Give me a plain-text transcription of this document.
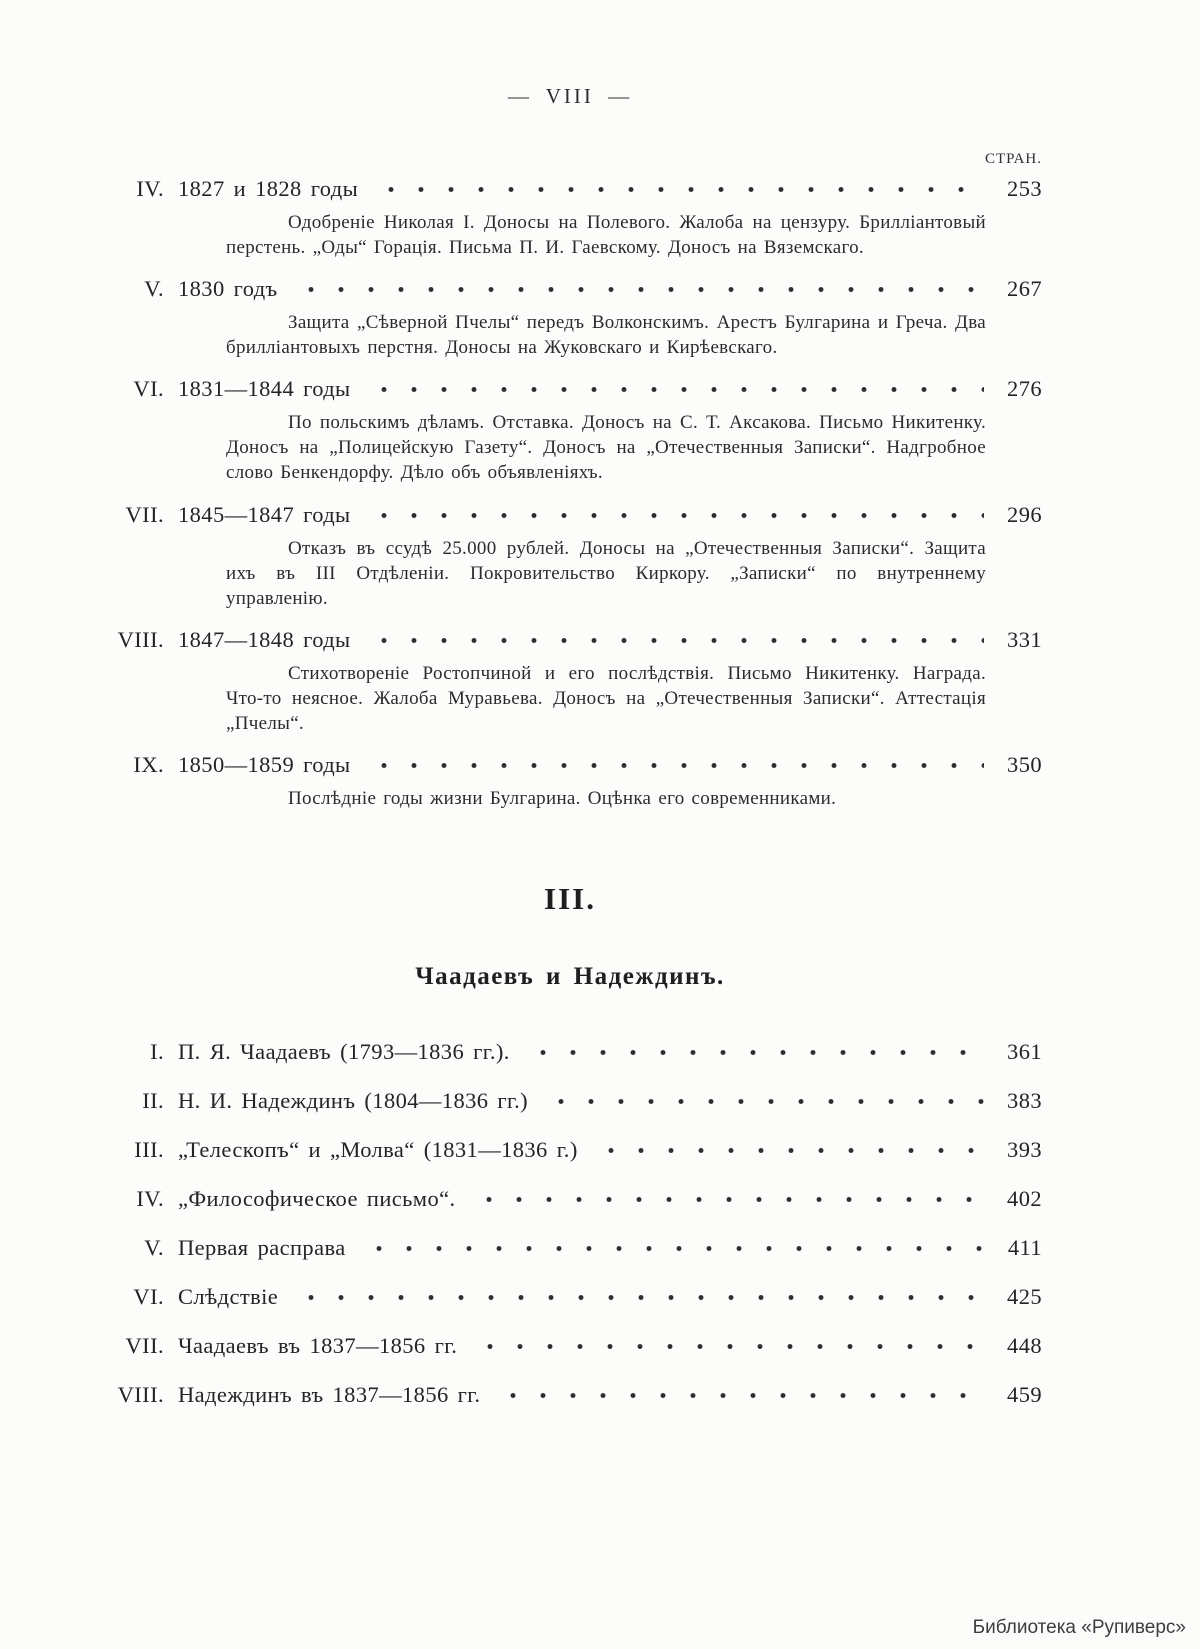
— VIII —
СТРАН.
IV. 1827 и 1828 годы	253

Одобреніе Николая I. Доносы на Полевого. Жалоба на цензуру. Брилліантовый перстень. „Оды“ Горація. Письма П. И. Гаевскому. Доносъ на Вяземскаго.

V. 1830 годъ	267

Защита „Сѣверной Пчелы“ передъ Волконскимъ. Арестъ Булгарина и Греча. Два брилліантовыхъ перстня. Доносы на Жуковскаго и Кирѣевскаго.

VI. 1831—1844 годы	276

По польскимъ дѣламъ. Отставка. Доносъ на С. Т. Аксакова. Письмо Никитенку. Доносъ на „Полицейскую Газету“. Доносъ на „Отечественныя Записки“. Надгробное слово Бенкендорфу. Дѣло объ объявленіяхъ.

VII. 1845—1847 годы	296

Отказъ въ ссудѣ 25.000 рублей. Доносы на „Отечественныя Записки“. Защита ихъ въ III Отдѣленіи. Покровительство Киркору. „Записки“ по внутреннему управленію.

VIII. 1847—1848 годы	331

Стихотвореніе Ростопчиной и его послѣдствія. Письмо Никитенку. Награда. Что-то неясное. Жалоба Муравьева. Доносъ на „Отечественныя Записки“. Аттестація „Пчелы“.

IX. 1850—1859 годы	350

Послѣдніе годы жизни Булгарина. Оцѣнка его современниками.

III.
Чаадаевъ и Надеждинъ.
I. П. Я. Чаадаевъ (1793—1836 гг.).	361
II. Н. И. Надеждинъ (1804—1836 гг.)	383
III. „Телескопъ“ и „Молва“ (1831—1836 г.)	393
IV. „Философическое письмо“.	402
V. Первая расправа	411
VI. Слѣдствіе	425
VII. Чаадаевъ въ 1837—1856 гг.	448
VIII. Надеждинъ въ 1837—1856 гг.	459
Библиотека «Рупиверс»
